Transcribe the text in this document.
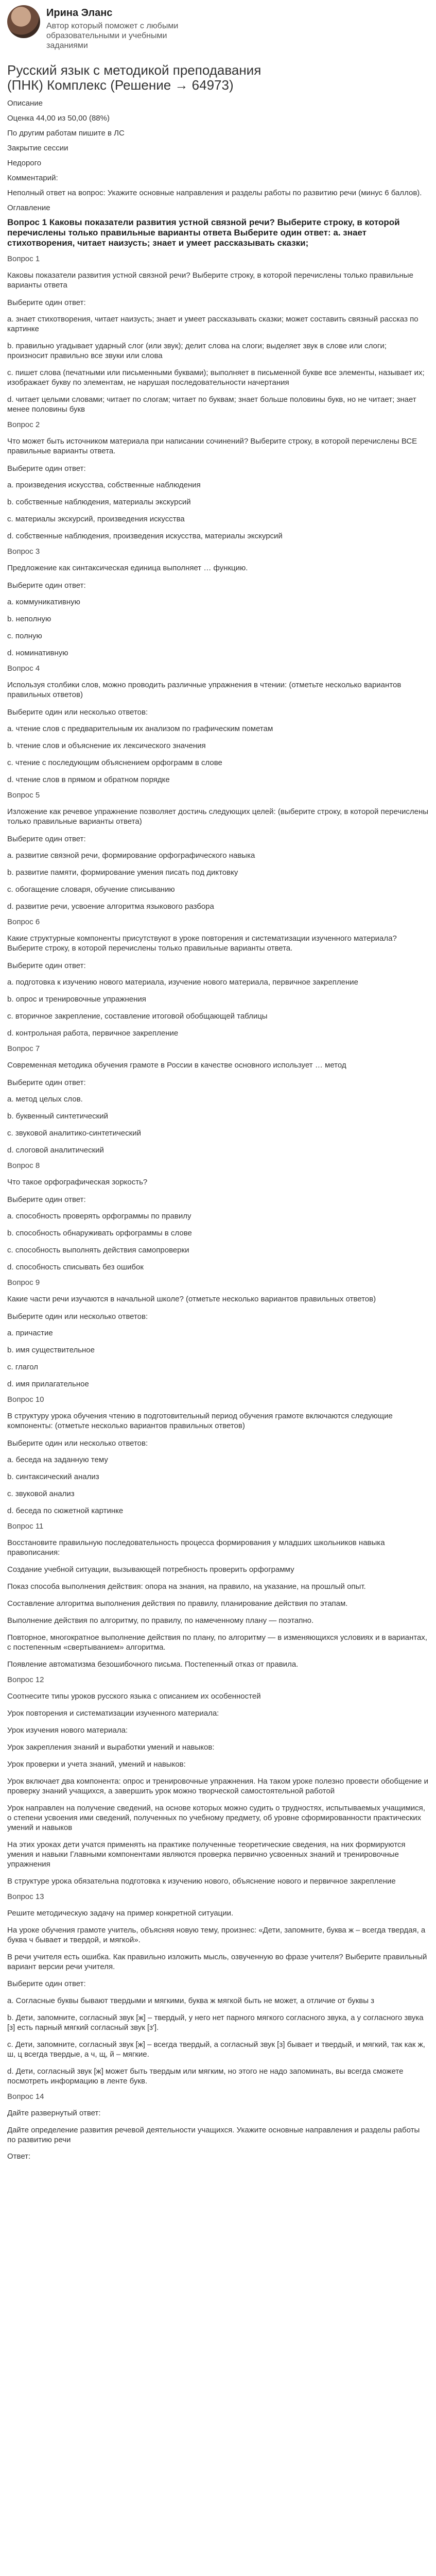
Ирина Эланс
Автор который поможет с любыми образовательными и учебными заданиями
Русский язык с методикой преподавания (ПНК) Комплекс (Решение → 64973)
Описание
Оценка 44,00 из 50,00 (88%)
По другим работам пишите в ЛС
Закрытие сессии
Недорого
Комментарий:
Неполный ответ на вопрос: Укажите основные направления и разделы работы по развитию речи (минус 6 баллов).
Оглавление
Вопрос 1 Каковы показатели развития устной связной речи? Выберите строку, в которой перечислены только правильные варианты ответа Выберите один ответ: a. знает стихотворения, читает наизусть; знает и умеет рассказывать сказки;
Вопрос 1
Каковы показатели развития устной связной речи? Выберите строку, в которой перечислены только правильные варианты ответа
Выберите один ответ:
a. знает стихотворения, читает наизусть; знает и умеет рассказывать сказки; может составить связный рассказ по картинке
b. правильно угадывает ударный слог (или звук); делит слова на слоги; выделяет звук в слове или слоги; произносит правильно все звуки или слова
c. пишет слова (печатными или письменными буквами); выполняет в письменной букве все элементы, называет их; изображает букву по элементам, не нарушая последовательности начертания
d. читает целыми словами; читает по слогам; читает по буквам; знает больше половины букв, но не читает; знает менее половины букв
Вопрос 2
Что может быть источником материала при написании сочинений? Выберите строку, в которой перечислены ВСЕ правильные варианты ответа.
Выберите один ответ:
a. произведения искусства, собственные наблюдения
b. собственные наблюдения, материалы экскурсий
c. материалы экскурсий, произведения искусства
d. собственные наблюдения, произведения искусства, материалы экскурсий
Вопрос 3
Предложение как синтаксическая единица выполняет … функцию.
Выберите один ответ:
a. коммуникативную
b. неполную
c. полную
d. номинативную
Вопрос 4
Используя столбики слов, можно проводить различные упражнения в чтении: (отметьте несколько вариантов правильных ответов)
Выберите один или несколько ответов:
a. чтение слов с предварительным их анализом по графическим пометам
b. чтение слов и объяснение их лексического значения
c. чтение с последующим объяснением орфограмм в слове
d. чтение слов в прямом и обратном порядке
Вопрос 5
Изложение как речевое упражнение позволяет достичь следующих целей: (выберите строку, в которой перечислены только правильные варианты ответа)
Выберите один ответ:
a. развитие связной речи, формирование орфографического навыка
b. развитие памяти, формирование умения писать под диктовку
c. обогащение словаря, обучение списыванию
d. развитие речи, усвоение алгоритма языкового разбора
Вопрос 6
Какие структурные компоненты присутствуют в уроке повторения и систематизации изученного материала? Выберите строку, в которой перечислены только правильные варианты ответа.
Выберите один ответ:
a. подготовка к изучению нового материала, изучение нового материала, первичное закрепление
b. опрос и тренировочные упражнения
c. вторичное закрепление, составление итоговой обобщающей таблицы
d. контрольная работа, первичное закрепление
Вопрос 7
Современная методика обучения грамоте в России в качестве основного использует … метод
Выберите один ответ:
a. метод целых слов.
b. буквенный синтетический
c. звуковой аналитико-синтетический
d. слоговой аналитический
Вопрос 8
Что такое орфографическая зоркость?
Выберите один ответ:
a. способность проверять орфограммы по правилу
b. способность обнаруживать орфограммы в слове
c. способность выполнять действия самопроверки
d. способность списывать без ошибок
Вопрос 9
Какие части речи изучаются в начальной школе? (отметьте несколько вариантов правильных ответов)
Выберите один или несколько ответов:
a. причастие
b. имя существительное
c. глагол
d. имя прилагательное
Вопрос 10
В структуру урока обучения чтению в подготовительный период обучения грамоте включаются следующие компоненты: (отметьте несколько вариантов правильных ответов)
Выберите один или несколько ответов:
a. беседа на заданную тему
b. синтаксический анализ
c. звуковой анализ
d. беседа по сюжетной картинке
Вопрос 11
Восстановите правильную последовательность процесса формирования у младших школьников навыка правописания:
Создание учебной ситуации, вызывающей потребность проверить орфограмму
Показ способа выполнения действия: опора на знания, на правило, на указание, на прошлый опыт.
Составление алгоритма выполнения действия по правилу, планирование действия по этапам.
Выполнение действия по алгоритму, по правилу, по намеченному плану — поэтапно.
Повторное, многократное выполнение действия по плану, по алгоритму — в изменяющихся условиях и в вариантах, с постепенным «свертыванием» алгоритма.
Появление автоматизма безошибочного письма. Постепенный отказ от правила.
Вопрос 12
Соотнесите типы уроков русского языка с описанием их особенностей
Урок повторения и систематизации изученного материала:
Урок изучения нового материала:
Урок закрепления знаний и выработки умений и навыков:
Урок проверки и учета знаний, умений и навыков:
Урок включает два компонента: опрос и тренировочные упражнения. На таком уроке полезно провести обобщение и проверку знаний учащихся, а завершить урок можно творческой самостоятельной работой
Урок направлен на получение сведений, на основе которых можно судить о трудностях, испытываемых учащимися, о степени усвоения ими сведений, полученных по учебному предмету, об уровне сформированности практических умений и навыков
На этих уроках дети учатся применять на практике полученные теоретические сведения, на них формируются умения и навыки Главными компонентами являются проверка первично усвоенных знаний и тренировочные упражнения
В структуре урока обязательна подготовка к изучению нового, объяснение нового и первичное закрепление
Вопрос 13
Решите методическую задачу на пример конкретной ситуации.
На уроке обучения грамоте учитель, объясняя новую тему, произнес: «Дети, запомните, буква ж – всегда твердая, а буква ч бывает и твердой, и мягкой».
В речи учителя есть ошибка. Как правильно изложить мысль, озвученную во фразе учителя? Выберите правильный вариант версии речи учителя.
Выберите один ответ:
a. Согласные буквы бывают твердыми и мягкими, буква ж мягкой быть не может, а отличие от буквы з
b. Дети, запомните, согласный звук [ж] – твердый, у него нет парного мягкого согласного звука, а у согласного звука [з] есть парный мягкий согласный звук [з'].
c. Дети, запомните, согласный звук [ж] – всегда твердый, а согласный звук [з] бывает и твердый, и мягкий, так как ж, ш, ц всегда твердые, а ч, щ, й – мягкие.
d. Дети, согласный звук [ж] может быть твердым или мягким, но этого не надо запоминать, вы всегда сможете посмотреть информацию в ленте букв.
Вопрос 14
Дайте развернутый ответ:
Дайте определение развития речевой деятельности учащихся. Укажите основные направления и разделы работы по развитию речи
Ответ:
